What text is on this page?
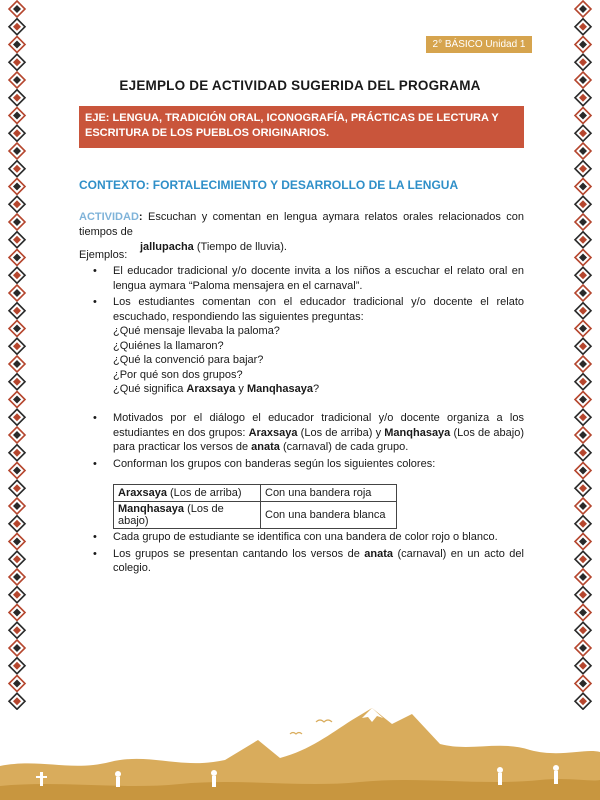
2° BÁSICO Unidad 1
EJEMPLO DE ACTIVIDAD SUGERIDA DEL PROGRAMA
EJE: LENGUA, TRADICIÓN ORAL, ICONOGRAFÍA, PRÁCTICAS DE LECTURA Y ESCRITURA DE LOS PUEBLOS ORIGINARIOS.
CONTEXTO: FORTALECIMIENTO Y DESARROLLO DE LA LENGUA
ACTIVIDAD: Escuchan y comentan en lengua aymara relatos orales relacionados con tiempos de
jallupacha (Tiempo de lluvia).
Ejemplos:
• El educador tradicional y/o docente invita a los niños a escuchar el relato oral en lengua aymara “Paloma mensajera en el carnaval”.
• Los estudiantes comentan con el educador tradicional y/o docente el relato escuchado, respondiendo las siguientes preguntas:
¿Qué mensaje llevaba la paloma?
¿Quiénes la llamaron?
¿Qué la convenció para bajar?
¿Por qué son dos grupos?
¿Qué significa Araxsaya y Manqhasaya?
• Motivados por el diálogo el educador tradicional y/o docente organiza a los estudiantes en dos grupos: Araxsaya (Los de arriba) y Manqhasaya (Los de abajo) para practicar los versos de anata (carnaval) de cada grupo.
• Conforman los grupos con banderas según los siguientes colores:
Araxsaya (Los de arriba)	Con una bandera roja
Manqhasaya (Los de abajo)	Con una bandera blanca
• Cada grupo de estudiante se identifica con una bandera de color rojo o blanco.
• Los grupos se presentan cantando los versos de anata (carnaval) en un acto del colegio.
